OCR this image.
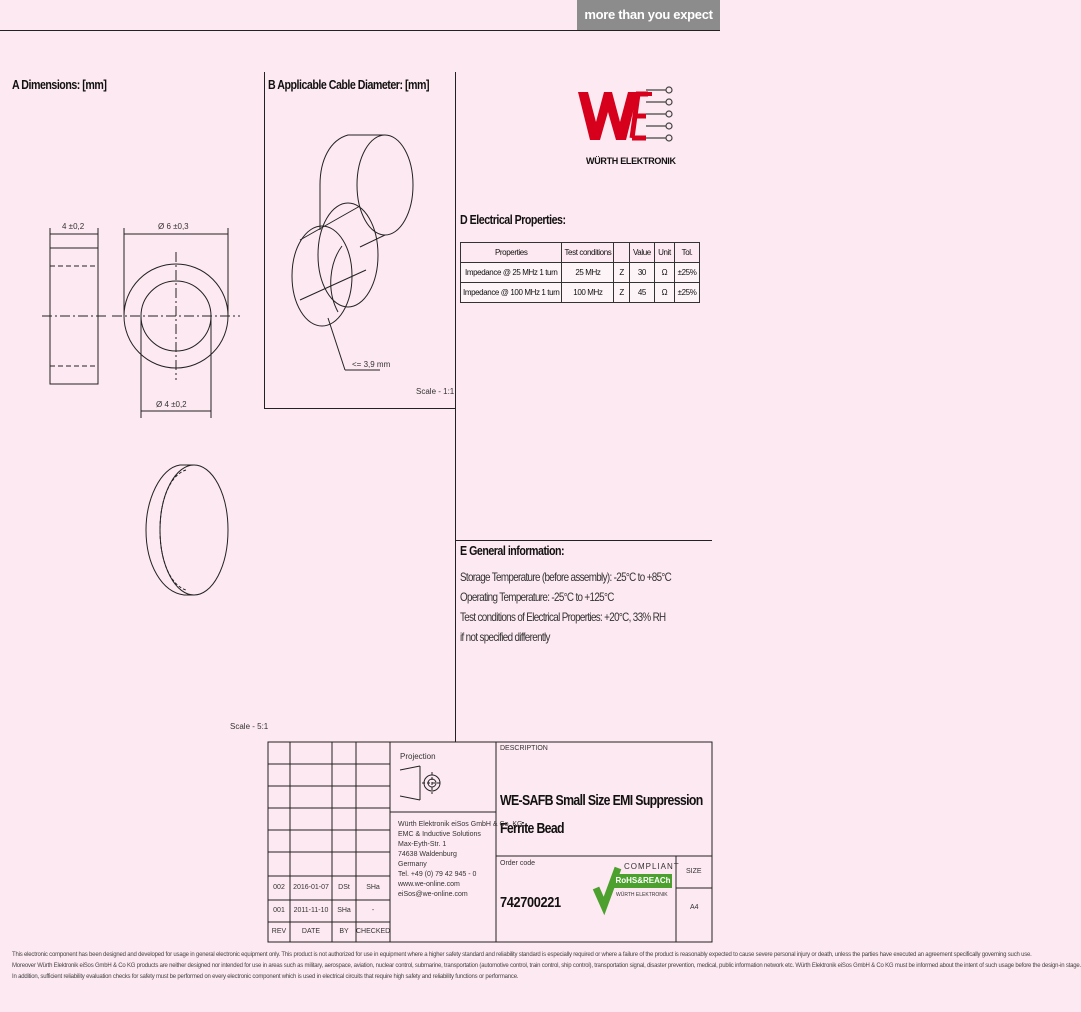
more than you expect
A Dimensions: [mm]	B Applicable Cable Diameter: [mm]
D Electrical Properties:
E General information:
4 ±0,2	Ø 6 ±0,3
Ø 4 ±0,2
Scale - 5:1
<= 3,9 mm
Scale - 1:1
WÜRTH ELEKTRONIK
Properties	Test conditions		Value	Unit	Tol.
Impedance @ 25 MHz 1 turn	25 MHz	Z	30	Ω	±25%
Impedance @ 100 MHz 1 turn	100 MHz	Z	45	Ω	±25%
Storage Temperature (before assembly): -25°C to +85°C
Operating Temperature: -25°C to +125°C
Test conditions of Electrical Properties: +20°C, 33% RH
if not specified differently
Projection
DESCRIPTION
WE-SAFB Small Size EMI Suppression
Ferrite Bead
Order code
742700221
SIZE
A4
COMPLIANT
RoHS&REACh
WÜRTH ELEKTRONIK
Würth Elektronik eiSos GmbH & Co. KG
EMC & Inductive Solutions
Max-Eyth-Str. 1
74638 Waldenburg
Germany
Tel. +49 (0) 79 42 945 - 0
www.we-online.com
eiSos@we-online.com
002	2016-01-07	DSt	SHa
001	2011-11-10	SHa	-
REV	DATE	BY	CHECKED
This electronic component has been designed and developed for usage in general electronic equipment only. This product is not authorized for use in equipment where a higher safety standard and reliability standard is especially required or where a failure of the product is reasonably expected to cause severe personal injury or death, unless the parties have executed an agreement specifically governing such use.
Moreover Würth Elektronik eiSos GmbH & Co KG products are neither designed nor intended for use in areas such as military, aerospace, aviation, nuclear control, submarine, transportation (automotive control, train control, ship control), transportation signal, disaster prevention, medical, public information network etc. Würth Elektronik eiSos GmbH & Co KG must be informed about the intent of such usage before the design-in stage.
In addition, sufficient reliability evaluation checks for safety must be performed on every electronic component which is used in electrical circuits that require high safety and reliability functions or performance.
